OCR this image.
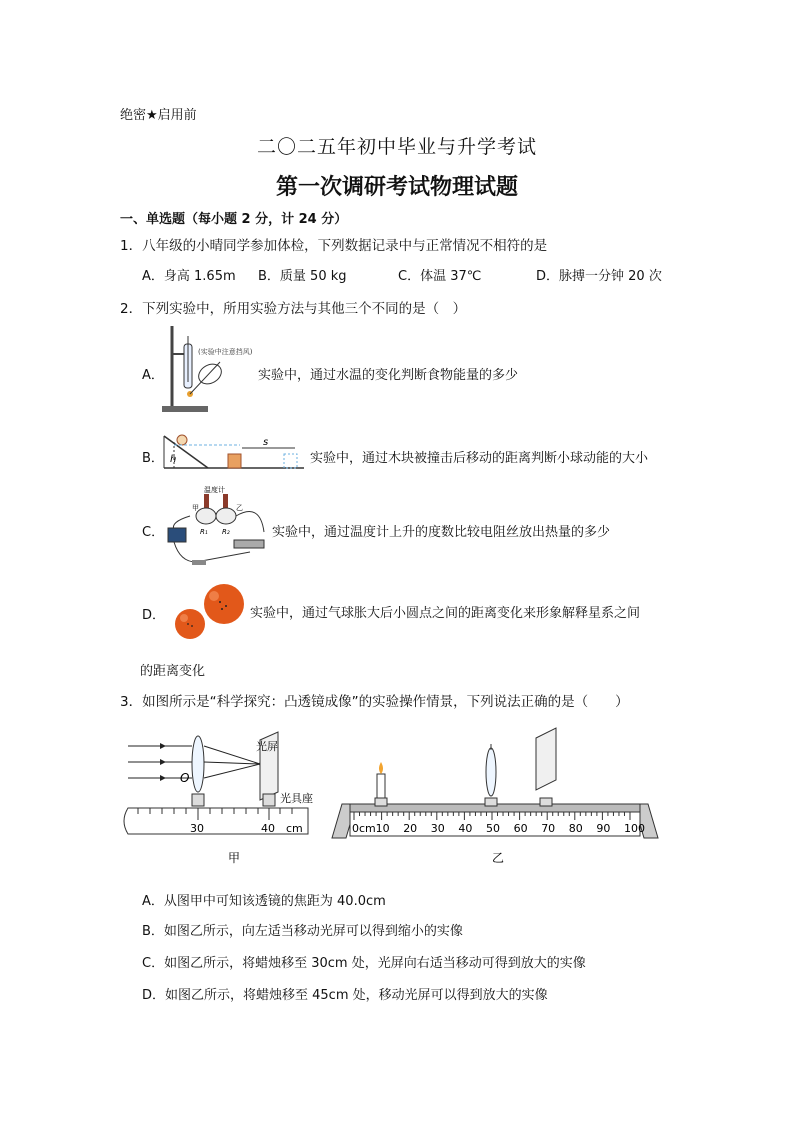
绝密★启用前
二〇二五年初中毕业与升学考试
第一次调研考试物理试题
一、单选题（每小题 2 分，计 24 分）
1．八年级的小晴同学参加体检，下列数据记录中与正常情况不相符的是
A．身高 1.65m B．质量 50 kg	C．体温 37℃	D．脉搏一分钟 20 次
2．下列实验中，所用实验方法与其他三个不同的是（　）
A．
(实验中注意挡风)
实验中，通过水温的变化判断食物能量的多少
B． h
s
实验中，通过木块被撞击后移动的距离判断小球动能的大小
C．
温度计
甲	乙
R₁ R₂	实验中，通过温度计上升的度数比较电阻丝放出热量的多少
D．	实验中，通过气球胀大后小圆点之间的距离变化来形象解释星系之间
的距离变化
3．如图所示是“科学探究：凸透镜成像”的实验操作情景，下列说法正确的是（　　）
O
光屏
光具座
30	40 cm
甲
0cm 10 20 30 40 50 60 70 80 90 100
乙
A．从图甲中可知该透镜的焦距为 40.0cm
B．如图乙所示，向左适当移动光屏可以得到缩小的实像
C．如图乙所示，将蜡烛移至 30cm 处，光屏向右适当移动可得到放大的实像
D．如图乙所示，将蜡烛移至 45cm 处，移动光屏可以得到放大的实像
